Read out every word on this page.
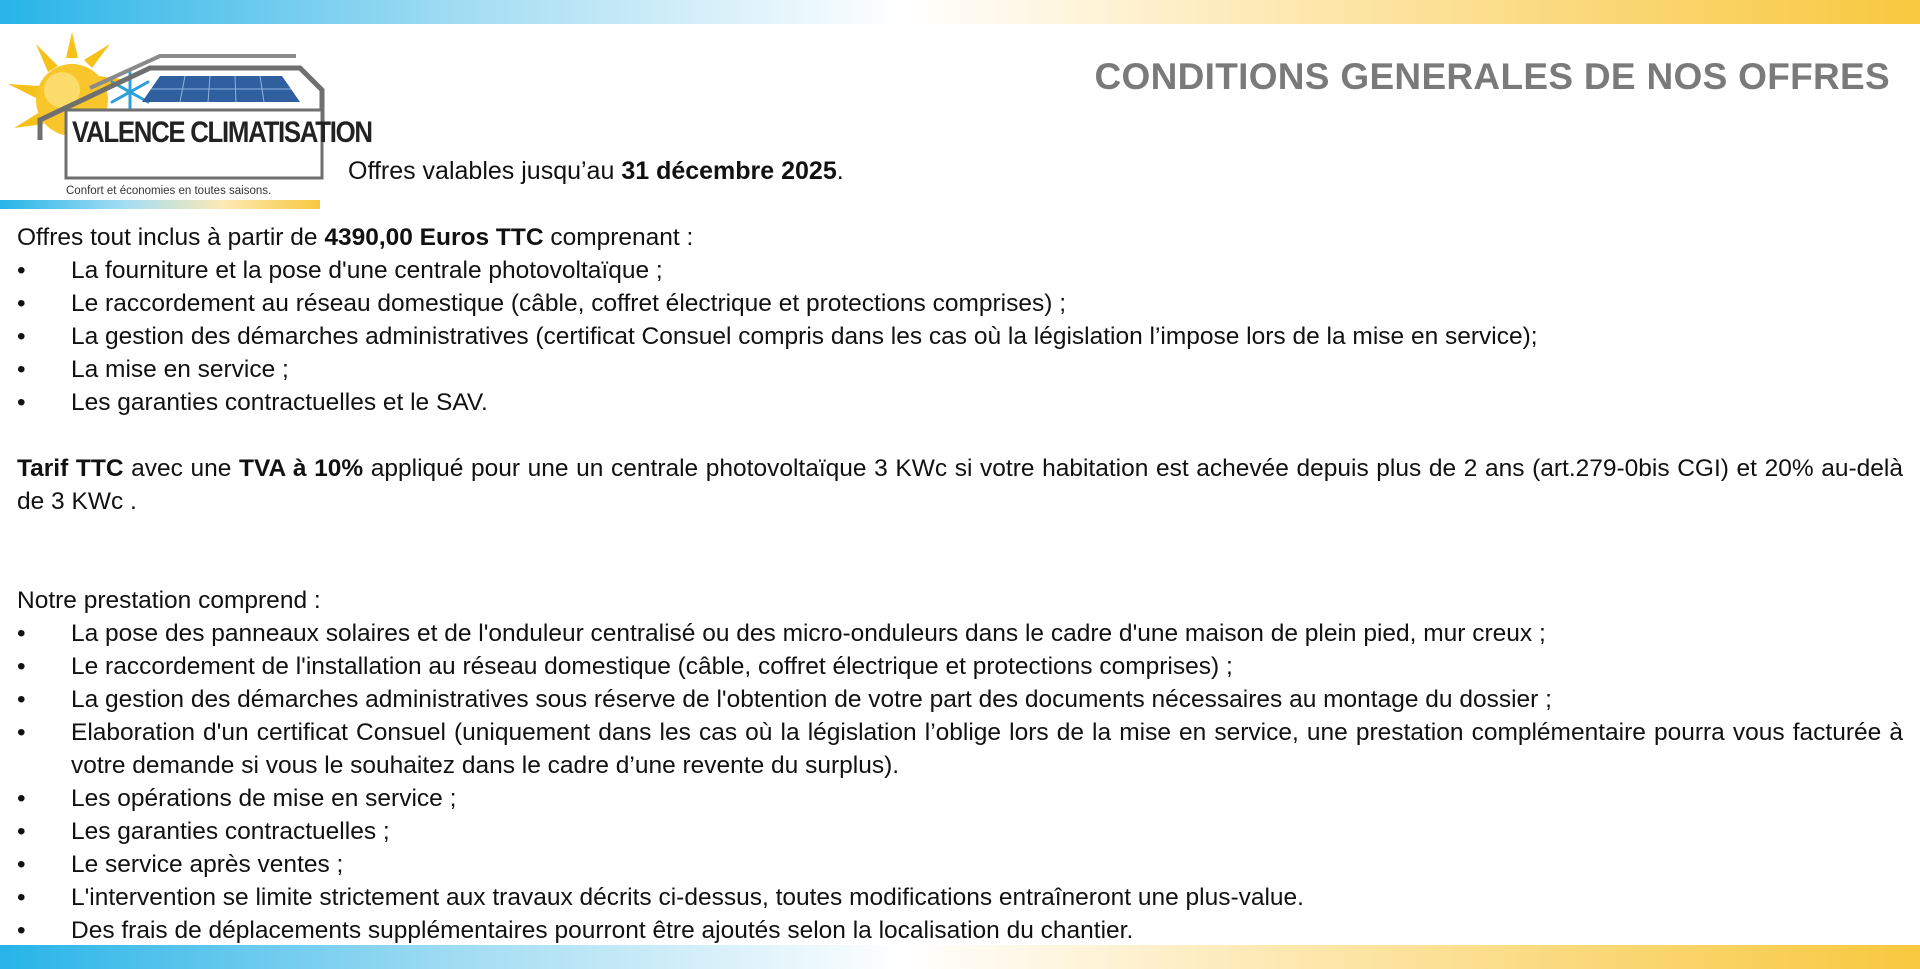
VALENCE CLIMATISATION
Confort et économies en toutes saisons.
CONDITIONS GENERALES DE NOS OFFRES
Offres valables jusqu’au 31 décembre 2025.

Offres tout inclus à partir de 4390,00 Euros TTC comprenant :

• La fourniture et la pose d'une centrale photovoltaïque ;
• Le raccordement au réseau domestique (câble, coffret électrique et protections comprises) ;
• La gestion des démarches administratives (certificat Consuel compris dans les cas où la législation l’impose lors de la mise en service);
• La mise en service ;
• Les garanties contractuelles et le SAV.

Tarif TTC avec une TVA à 10% appliqué pour une un centrale photovoltaïque 3 KWc si votre habitation est achevée depuis plus de 2 ans (art.279-0bis CGI) et 20% au-delà de 3 KWc .

Notre prestation comprend :

• La pose des panneaux solaires et de l'onduleur centralisé ou des micro-onduleurs dans le cadre d'une maison de plein pied, mur creux ;
• Le raccordement de l'installation au réseau domestique (câble, coffret électrique et protections comprises) ;
• La gestion des démarches administratives sous réserve de l'obtention de votre part des documents nécessaires au montage du dossier ;
• Elaboration d'un certificat Consuel (uniquement dans les cas où la législation l’oblige lors de la mise en service, une prestation complémentaire pourra vous facturée à votre demande si vous le souhaitez dans le cadre d’une revente du surplus).
• Les opérations de mise en service ;
• Les garanties contractuelles ;
• Le service après ventes ;
• L'intervention se limite strictement aux travaux décrits ci-dessus, toutes modifications entraîneront une plus-value.
• Des frais de déplacements supplémentaires pourront être ajoutés selon la localisation du chantier.
